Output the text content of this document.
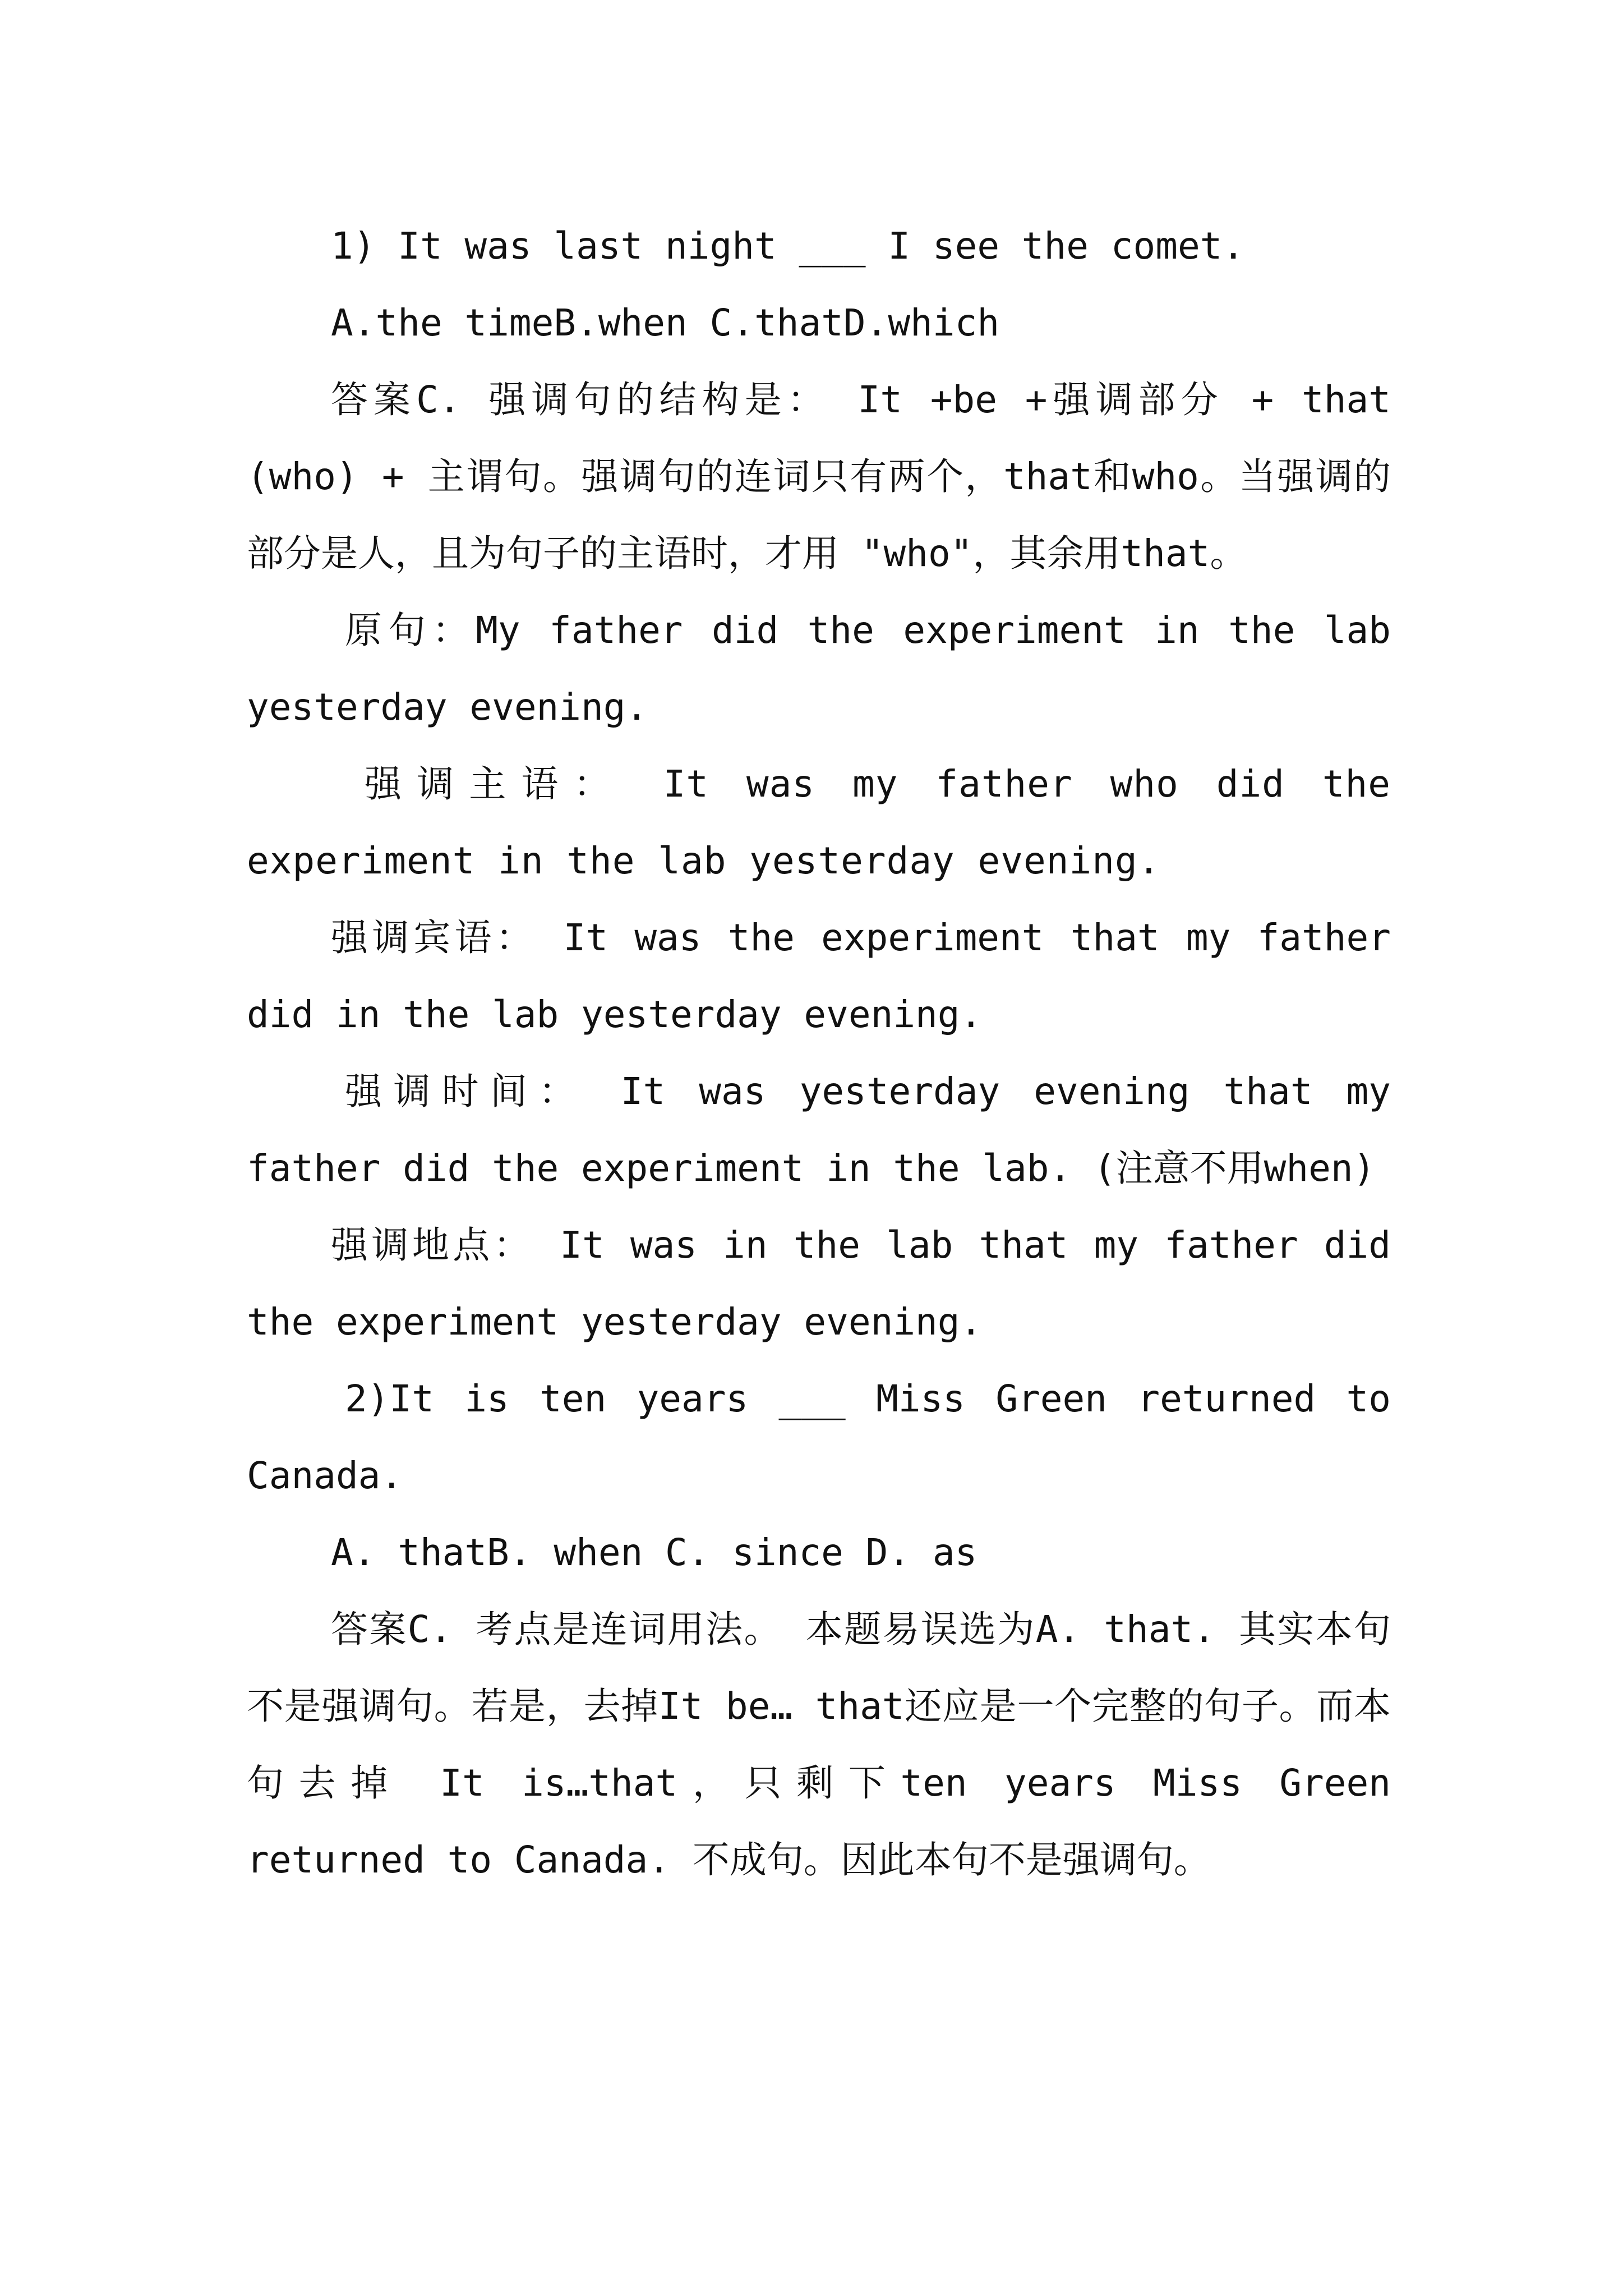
1) It was last night ___ I see the comet.

A.the timeB.when C.thatD.which

答案C. 强调句的结构是： It +be +强调部分 + that (who) + 主谓句。强调句的连词只有两个，that和who。当强调的部分是人，且为句子的主语时，才用 "who"，其余用that。

原句：My father did the experiment in the lab yesterday evening.

强调主语： It was my father who did the experiment in the lab yesterday evening.

强调宾语： It was the experiment that my father did in the lab yesterday evening.

强调时间： It was yesterday evening that my father did the experiment in the lab. (注意不用when)

强调地点： It was in the lab that my father did the experiment yesterday evening.

2)It is ten years ___ Miss Green returned to Canada.

A. thatB. when C. since D. as

答案C. 考点是连词用法。 本题易误选为A. that. 其实本句不是强调句。若是，去掉It be… that还应是一个完整的句子。而本句去掉 It is…that，只剩下ten years Miss Green returned to Canada. 不成句。因此本句不是强调句。
